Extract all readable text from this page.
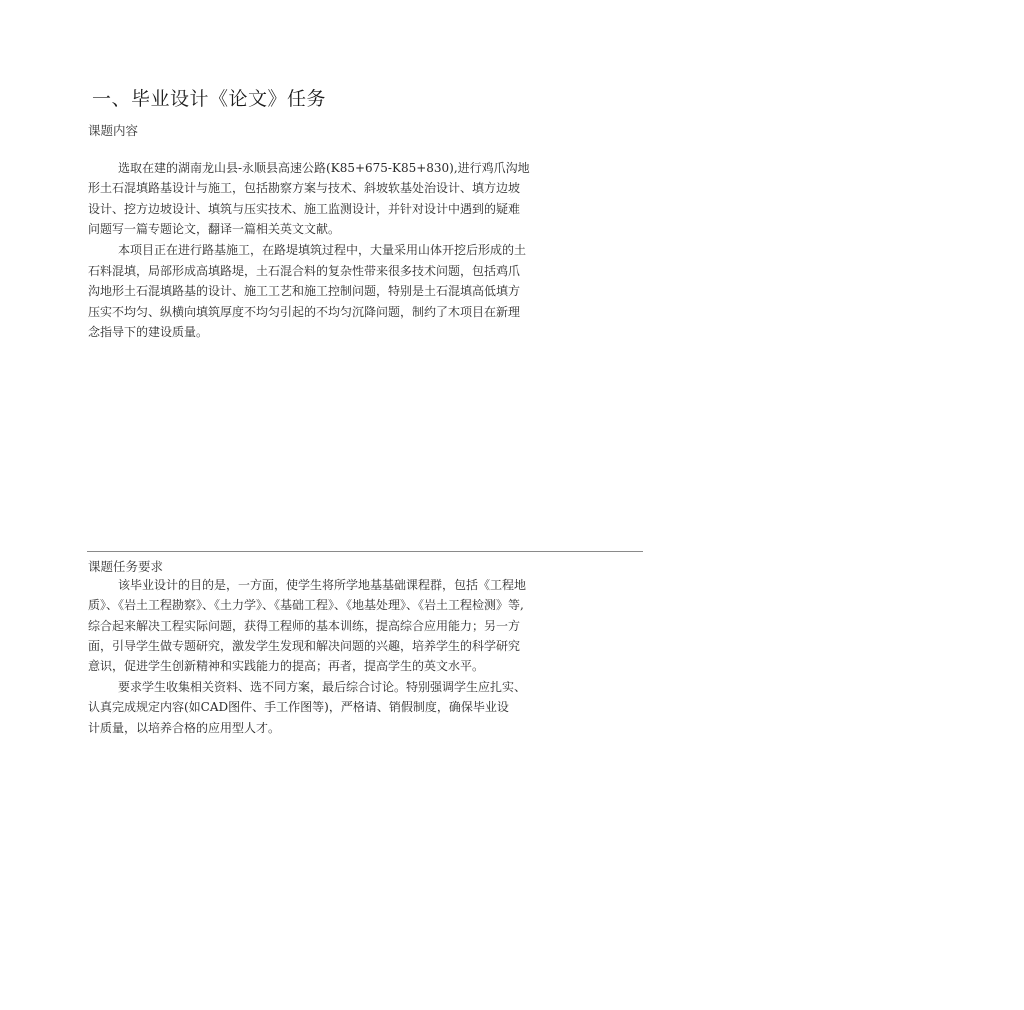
一、毕业设计《论文》任务
课题内容
选取在建的湖南龙山县-永顺县高速公路(K85+675-K85+830),进行鸡爪沟地
形土石混填路基设计与施工，包括勘察方案与技术、斜坡软基处治设计、填方边坡
设计、挖方边坡设计、填筑与压实技术、施工监测设计，并针对设计中遇到的疑难
问题写一篇专题论文，翻译一篇相关英文文献。
本项目正在进行路基施工，在路堤填筑过程中，大量采用山体开挖后形成的土
石料混填，局部形成高填路堤，土石混合料的复杂性带来很多技术问题，包括鸡爪
沟地形土石混填路基的设计、施工工艺和施工控制问题，特别是土石混填高低填方
压实不均匀、纵横向填筑厚度不均匀引起的不均匀沉降问题，制约了木项目在新理
念指导下的建设质量。
课题任务要求
该毕业设计的目的是，一方面，使学生将所学地基基础课程群，包括《工程地
质》、《岩土工程勘察》、《土力学》、《基础工程》、《地基处理》、《岩土工程检测》等,
综合起来解决工程实际问题，获得工程师的基本训练，提高综合应用能力；另一方
面，引导学生做专题研究，激发学生发现和解决问题的兴趣，培养学生的科学研究
意识，促进学生创新精神和实践能力的提高；再者，提高学生的英文水平。
要求学生收集相关资料、选不同方案，最后综合讨论。特别强调学生应扎实、
认真完成规定内容(如CAD图件、手工作图等)，严格请、销假制度，确保毕业设
计质量，以培养合格的应用型人才。
